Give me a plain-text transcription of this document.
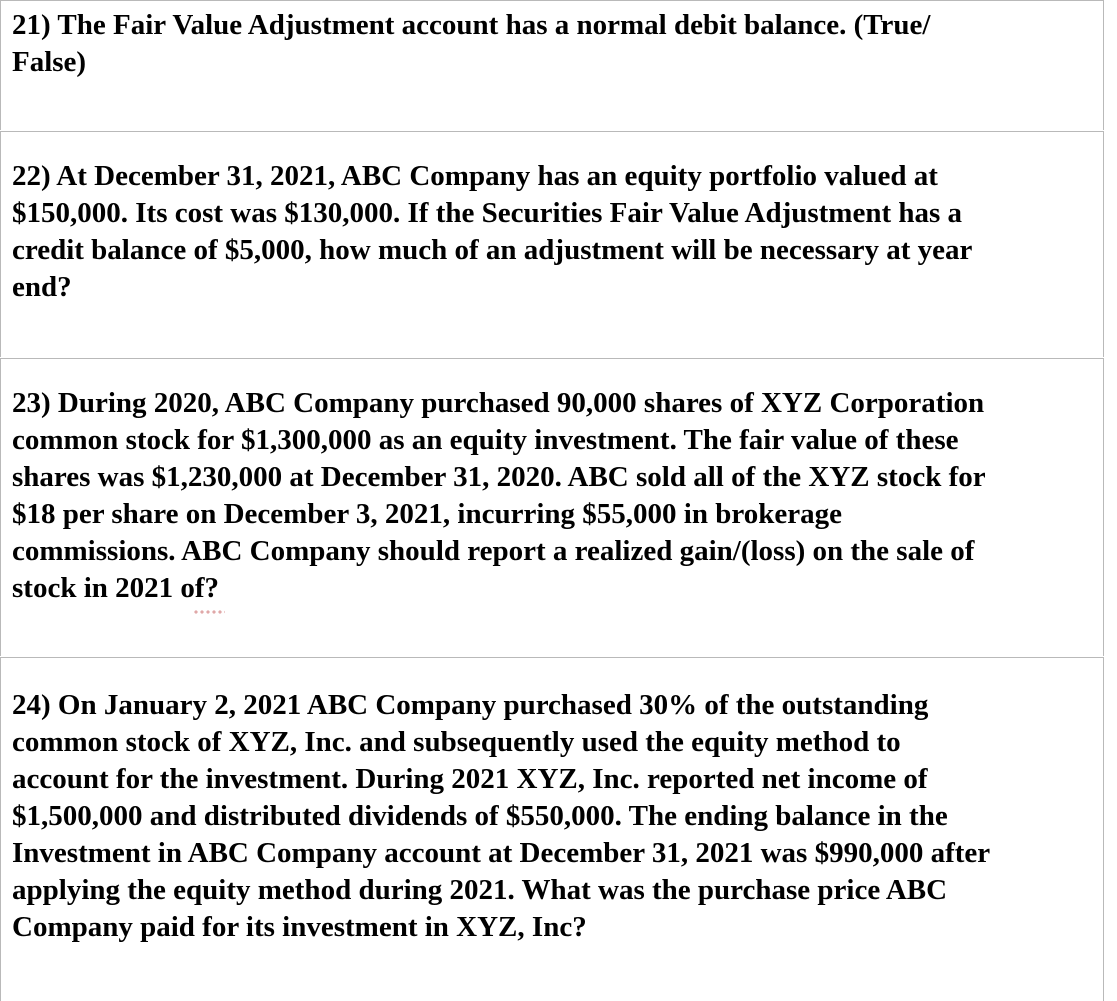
21) The Fair Value Adjustment account has a normal debit balance. (True/
False)

22) At December 31, 2021, ABC Company has an equity portfolio valued at
$150,000. Its cost was $130,000. If the Securities Fair Value Adjustment has a
credit balance of $5,000, how much of an adjustment will be necessary at year
end?

23) During 2020, ABC Company purchased 90,000 shares of XYZ Corporation
common stock for $1,300,000 as an equity investment. The fair value of these
shares was $1,230,000 at December 31, 2020. ABC sold all of the XYZ stock for
$18 per share on December 3, 2021, incurring $55,000 in brokerage
commissions. ABC Company should report a realized gain/(loss) on the sale of
stock in 2021 of?

24) On January 2, 2021 ABC Company purchased 30% of the outstanding
common stock of XYZ, Inc. and subsequently used the equity method to
account for the investment. During 2021 XYZ, Inc. reported net income of
$1,500,000 and distributed dividends of $550,000. The ending balance in the
Investment in ABC Company account at December 31, 2021 was $990,000 after
applying the equity method during 2021. What was the purchase price ABC
Company paid for its investment in XYZ, Inc?
